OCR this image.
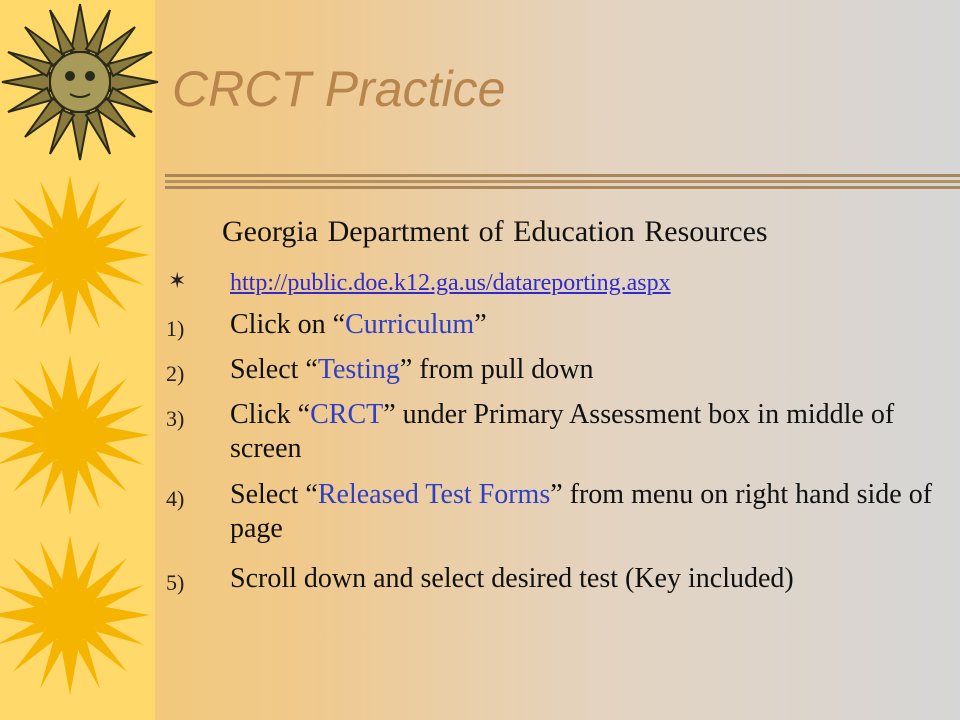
CRCT Practice
Georgia Department of Education Resources
✶ http://public.doe.k12.ga.us/datareporting.aspx
1) Click on “Curriculum”
2) Select “Testing” from pull down
3) Click “CRCT” under Primary Assessment box in middle of screen
4) Select “Released Test Forms” from menu on right hand side of page
5) Scroll down and select desired test (Key included)
